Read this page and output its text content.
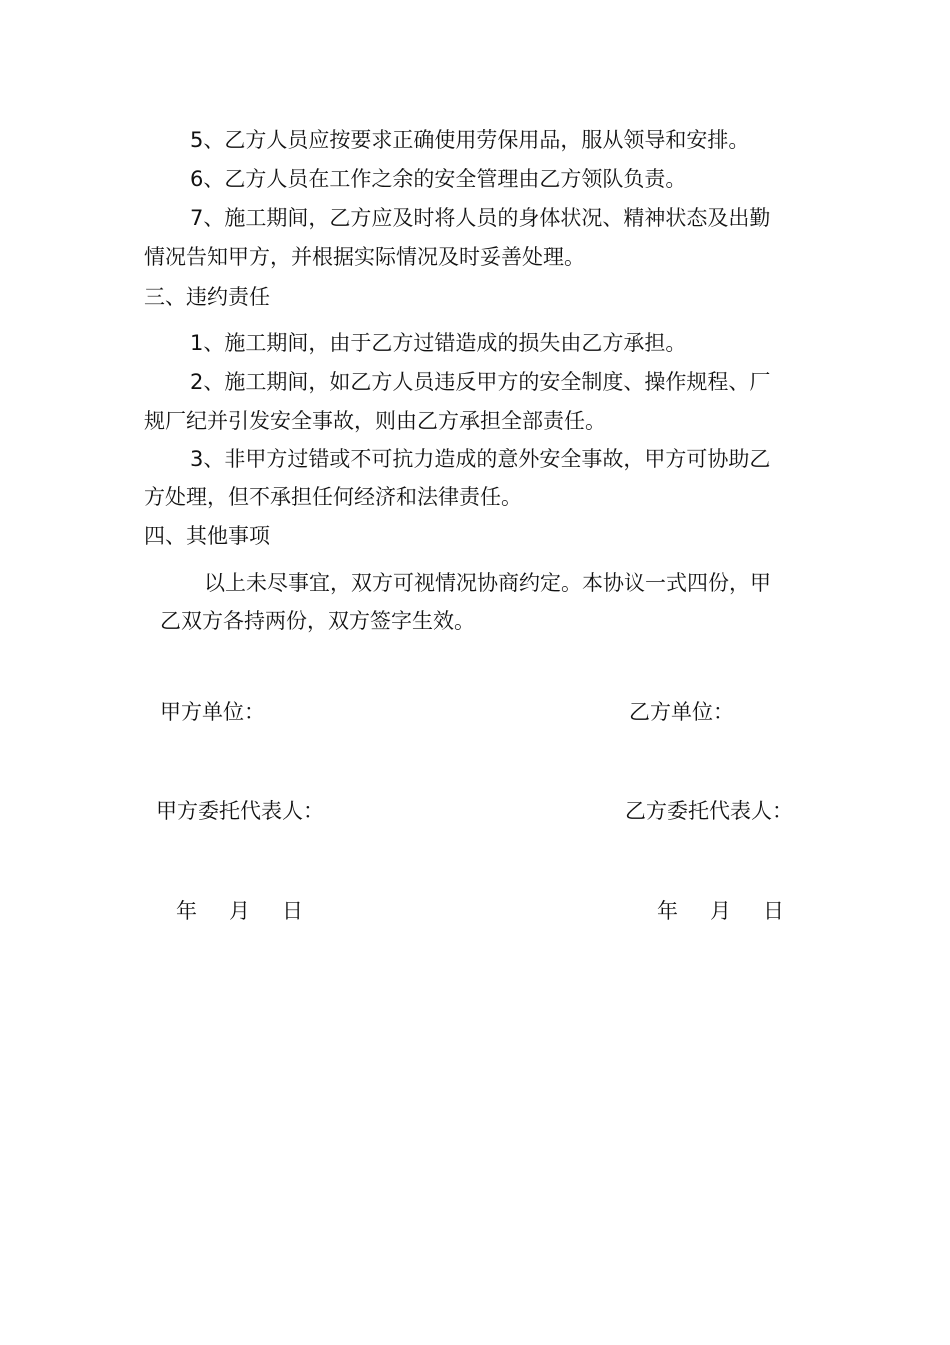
5、乙方人员应按要求正确使用劳保用品，服从领导和安排。
6、乙方人员在工作之余的安全管理由乙方领队负责。
7、施工期间，乙方应及时将人员的身体状况、精神状态及出勤
情况告知甲方，并根据实际情况及时妥善处理。
三、违约责任
1、施工期间，由于乙方过错造成的损失由乙方承担。
2、施工期间，如乙方人员违反甲方的安全制度、操作规程、厂
规厂纪并引发安全事故，则由乙方承担全部责任。
3、非甲方过错或不可抗力造成的意外安全事故，甲方可协助乙
方处理，但不承担任何经济和法律责任。
四、其他事项
以上未尽事宜，双方可视情况协商约定。本协议一式四份，甲
乙双方各持两份，双方签字生效。
甲方单位：	乙方单位：
甲方委托代表人：	乙方委托代表人：
年 月 日	年 月 日
